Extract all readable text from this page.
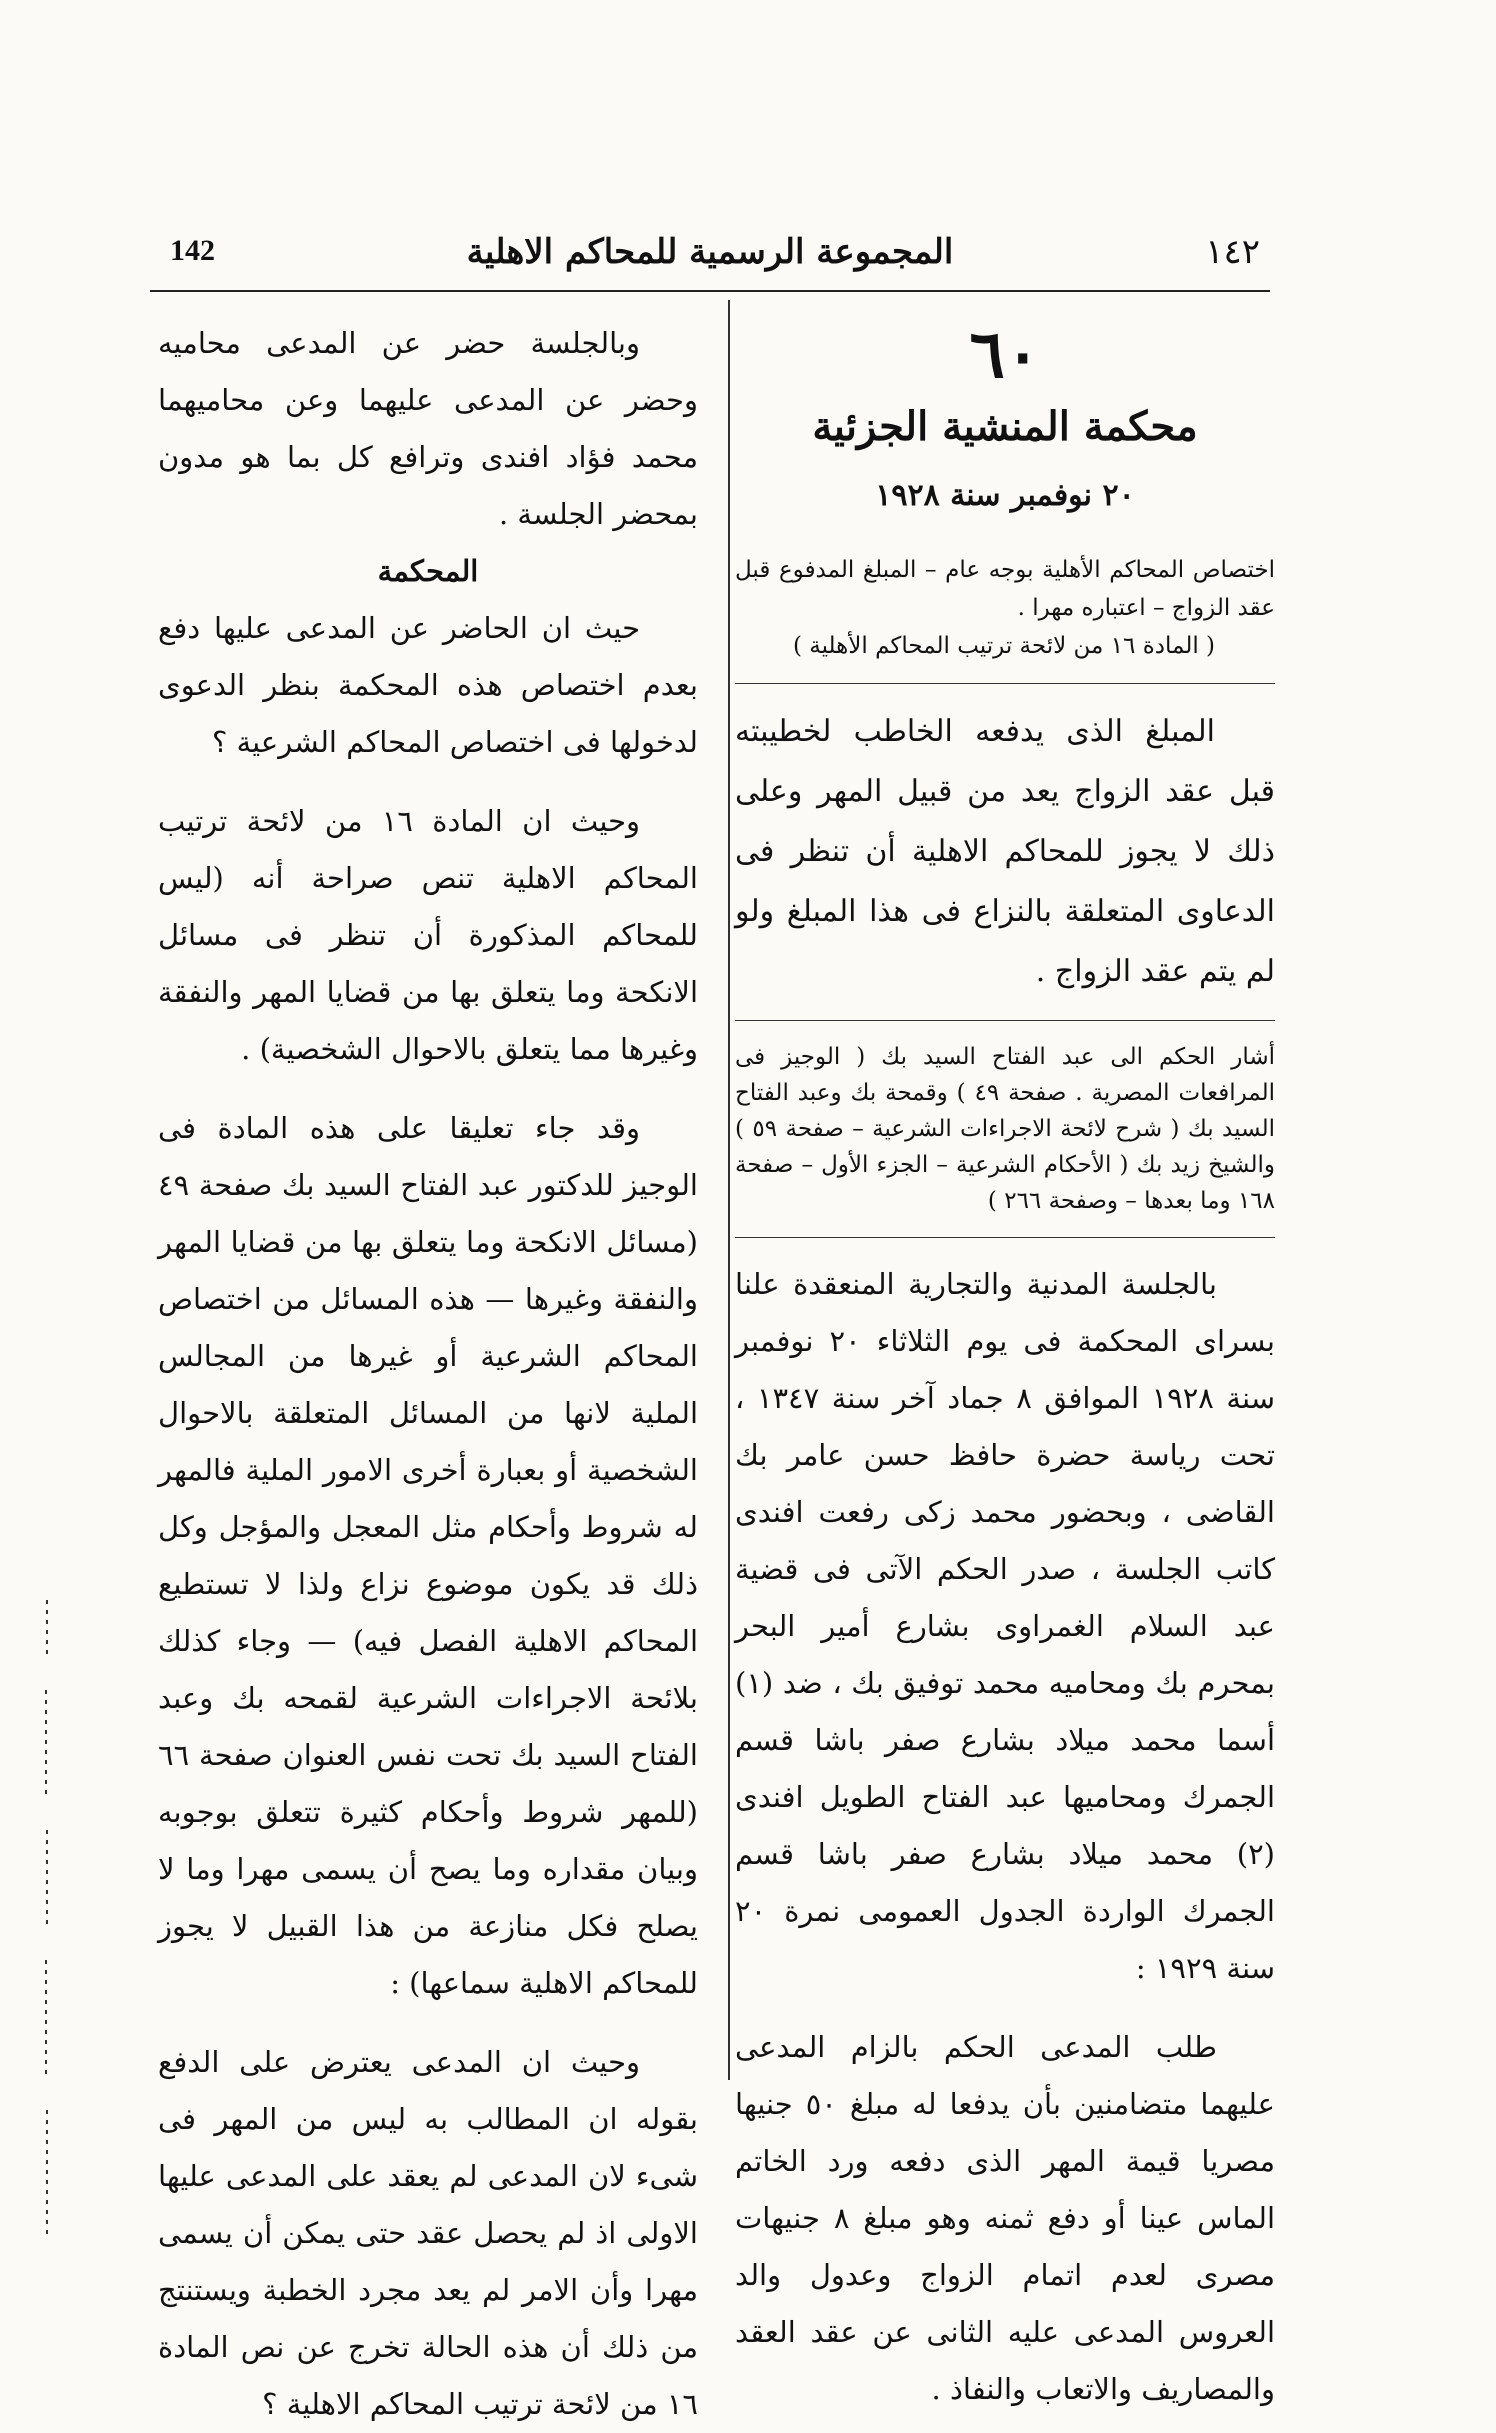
١٤٢
المجموعة الرسمية للمحاكم الاهلية
142
٦٠
محكمة المنشية الجزئية
٢٠ نوفمبر سنة ١٩٢٨
اختصاص المحاكم الأهلية بوجه عام – المبلغ المدفوع قبل عقد الزواج – اعتباره مهرا .
( المادة ١٦ من لائحة ترتيب المحاكم الأهلية )

المبلغ الذى يدفعه الخاطب لخطيبته قبل عقد الزواج يعد من قبيل المهر وعلى ذلك لا يجوز للمحاكم الاهلية أن تنظر فى الدعاوى المتعلقة بالنزاع فى هذا المبلغ ولو لم يتم عقد الزواج .

أشار الحكم الى عبد الفتاح السيد بك ( الوجيز فى المرافعات المصرية . صفحة ٤٩ ) وقمحة بك وعبد الفتاح السيد بك ( شرح لائحة الاجراءات الشرعية – صفحة ٥٩ ) والشيخ زيد بك ( الأحكام الشرعية – الجزء الأول – صفحة ١٦٨ وما بعدها – وصفحة ٢٦٦ )

بالجلسة المدنية والتجارية المنعقدة علنا بسراى المحكمة فى يوم الثلاثاء ٢٠ نوفمبر سنة ١٩٢٨ الموافق ٨ جماد آخر سنة ١٣٤٧ ، تحت رياسة حضرة حافظ حسن عامر بك القاضى ، وبحضور محمد زكى رفعت افندى كاتب الجلسة ، صدر الحكم الآتى فى قضية عبد السلام الغمراوى بشارع أمير البحر بمحرم بك ومحاميه محمد توفيق بك ، ضد (١) أسما محمد ميلاد بشارع صفر باشا قسم الجمرك ومحاميها عبد الفتاح الطويل افندى (٢) محمد ميلاد بشارع صفر باشا قسم الجمرك الواردة الجدول العمومى نمرة ٢٠ سنة ١٩٢٩ :

طلب المدعى الحكم بالزام المدعى عليهما متضامنين بأن يدفعا له مبلغ ٥٠ جنيها مصريا قيمة المهر الذى دفعه ورد الخاتم الماس عينا أو دفع ثمنه وهو مبلغ ٨ جنيهات مصرى لعدم اتمام الزواج وعدول والد العروس المدعى عليه الثانى عن عقد العقد والمصاريف والاتعاب والنفاذ .

وبالجلسة حضر عن المدعى محاميه وحضر عن المدعى عليهما وعن محاميهما محمد فؤاد افندى وترافع كل بما هو مدون بمحضر الجلسة .

المحكمة

حيث ان الحاضر عن المدعى عليها دفع بعدم اختصاص هذه المحكمة بنظر الدعوى لدخولها فى اختصاص المحاكم الشرعية ؟

وحيث ان المادة ١٦ من لائحة ترتيب المحاكم الاهلية تنص صراحة أنه (ليس للمحاكم المذكورة أن تنظر فى مسائل الانكحة وما يتعلق بها من قضايا المهر والنفقة وغيرها مما يتعلق بالاحوال الشخصية) .

وقد جاء تعليقا على هذه المادة فى الوجيز للدكتور عبد الفتاح السيد بك صفحة ٤٩ (مسائل الانكحة وما يتعلق بها من قضايا المهر والنفقة وغيرها — هذه المسائل من اختصاص المحاكم الشرعية أو غيرها من المجالس الملية لانها من المسائل المتعلقة بالاحوال الشخصية أو بعبارة أخرى الامور الملية فالمهر له شروط وأحكام مثل المعجل والمؤجل وكل ذلك قد يكون موضوع نزاع ولذا لا تستطيع المحاكم الاهلية الفصل فيه) — وجاء كذلك بلائحة الاجراءات الشرعية لقمحه بك وعبد الفتاح السيد بك تحت نفس العنوان صفحة ٦٦ (للمهر شروط وأحكام كثيرة تتعلق بوجوبه وبيان مقداره وما يصح أن يسمى مهرا وما لا يصلح فكل منازعة من هذا القبيل لا يجوز للمحاكم الاهلية سماعها) :

وحيث ان المدعى يعترض على الدفع بقوله ان المطالب به ليس من المهر فى شىء لان المدعى لم يعقد على المدعى عليها الاولى اذ لم يحصل عقد حتى يمكن أن يسمى مهرا وأن الامر لم يعد مجرد الخطبة ويستنتج من ذلك أن هذه الحالة تخرج عن نص المادة ١٦ من لائحة ترتيب المحاكم الاهلية ؟
